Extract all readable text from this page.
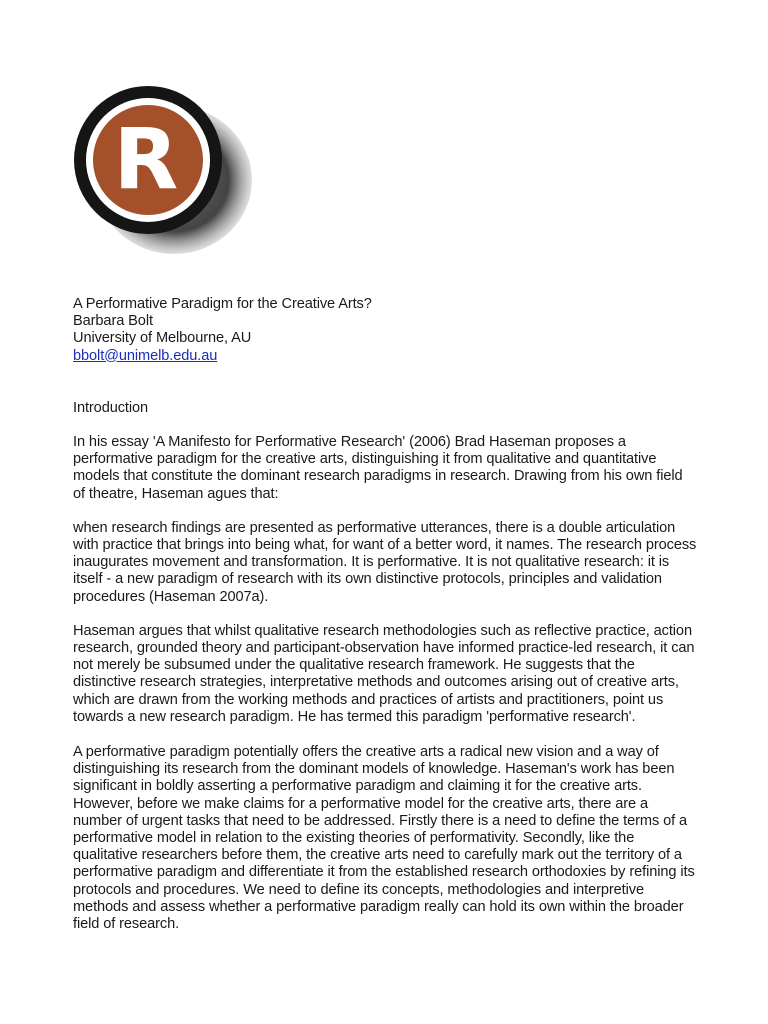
R

A Performative Paradigm for the Creative Arts?

Barbara Bolt

University of Melbourne, AU

bbolt@unimelb.edu.au

Introduction

In his essay 'A Manifesto for Performative Research' (2006) Brad Haseman proposes a performative paradigm for the creative arts, distinguishing it from qualitative and quantitative models that constitute the dominant research paradigms in research. Drawing from his own field of theatre, Haseman agues that:

when research findings are presented as performative utterances, there is a double articulation with practice that brings into being what, for want of a better word, it names. The research process inaugurates movement and transformation. It is performative. It is not qualitative research: it is itself - a new paradigm of research with its own distinctive protocols, principles and validation procedures (Haseman 2007a).

Haseman argues that whilst qualitative research methodologies such as reflective practice, action research, grounded theory and participant-observation have informed practice-led research, it can not merely be subsumed under the qualitative research framework. He suggests that the distinctive research strategies, interpretative methods and outcomes arising out of creative arts, which are drawn from the working methods and practices of artists and practitioners, point us towards a new research paradigm. He has termed this paradigm 'performative research'.

A performative paradigm potentially offers the creative arts a radical new vision and a way of distinguishing its research from the dominant models of knowledge. Haseman's work has been significant in boldly asserting a performative paradigm and claiming it for the creative arts. However, before we make claims for a performative model for the creative arts, there are a number of urgent tasks that need to be addressed. Firstly there is a need to define the terms of a performative model in relation to the existing theories of performativity. Secondly, like the qualitative researchers before them, the creative arts need to carefully mark out the territory of a performative paradigm and differentiate it from the established research orthodoxies by refining its protocols and procedures. We need to define its concepts, methodologies and interpretive methods and assess whether a performative paradigm really can hold its own within the broader field of research.
